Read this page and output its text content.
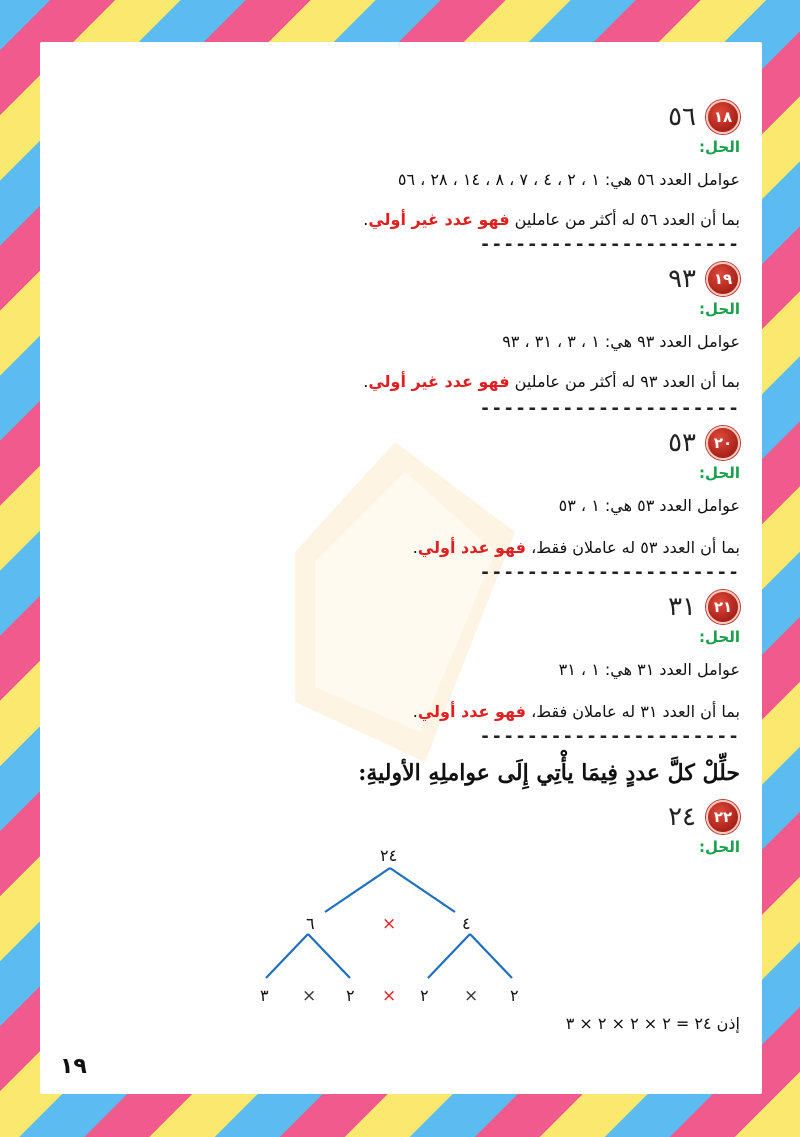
١٨
٥٦
الحل:
عوامل العدد ٥٦ هي: ١ ، ٢ ، ٤ ، ٧ ، ٨ ، ١٤ ، ٢٨ ، ٥٦
بما أن العدد ٥٦ له أكثر من عاملين فهو عدد غير أولي.
----------------------
١٩
٩٣
الحل:
عوامل العدد ٩٣ هي: ١ ، ٣ ، ٣١ ، ٩٣
بما أن العدد ٩٣ له أكثر من عاملين فهو عدد غير أولي.
----------------------
٢٠
٥٣
الحل:
عوامل العدد ٥٣ هي: ١ ، ٥٣
بما أن العدد ٥٣ له عاملان فقط، فهو عدد أولي.
----------------------
٢١
٣١
الحل:
عوامل العدد ٣١ هي: ١ ، ٣١
بما أن العدد ٣١ له عاملان فقط، فهو عدد أولي.
----------------------
حلِّلْ كلَّ عددٍ فِيمَا يأْتِي إِلَى عواملِهِ الأوليةِ:
٢٢
٢٤
الحل:
٢٤
٦	×	٤
٣ × ٢ × ٢ × ٢
إذن ٢٤ = ٢ × ٢ × ٢ × ٣
١٩
